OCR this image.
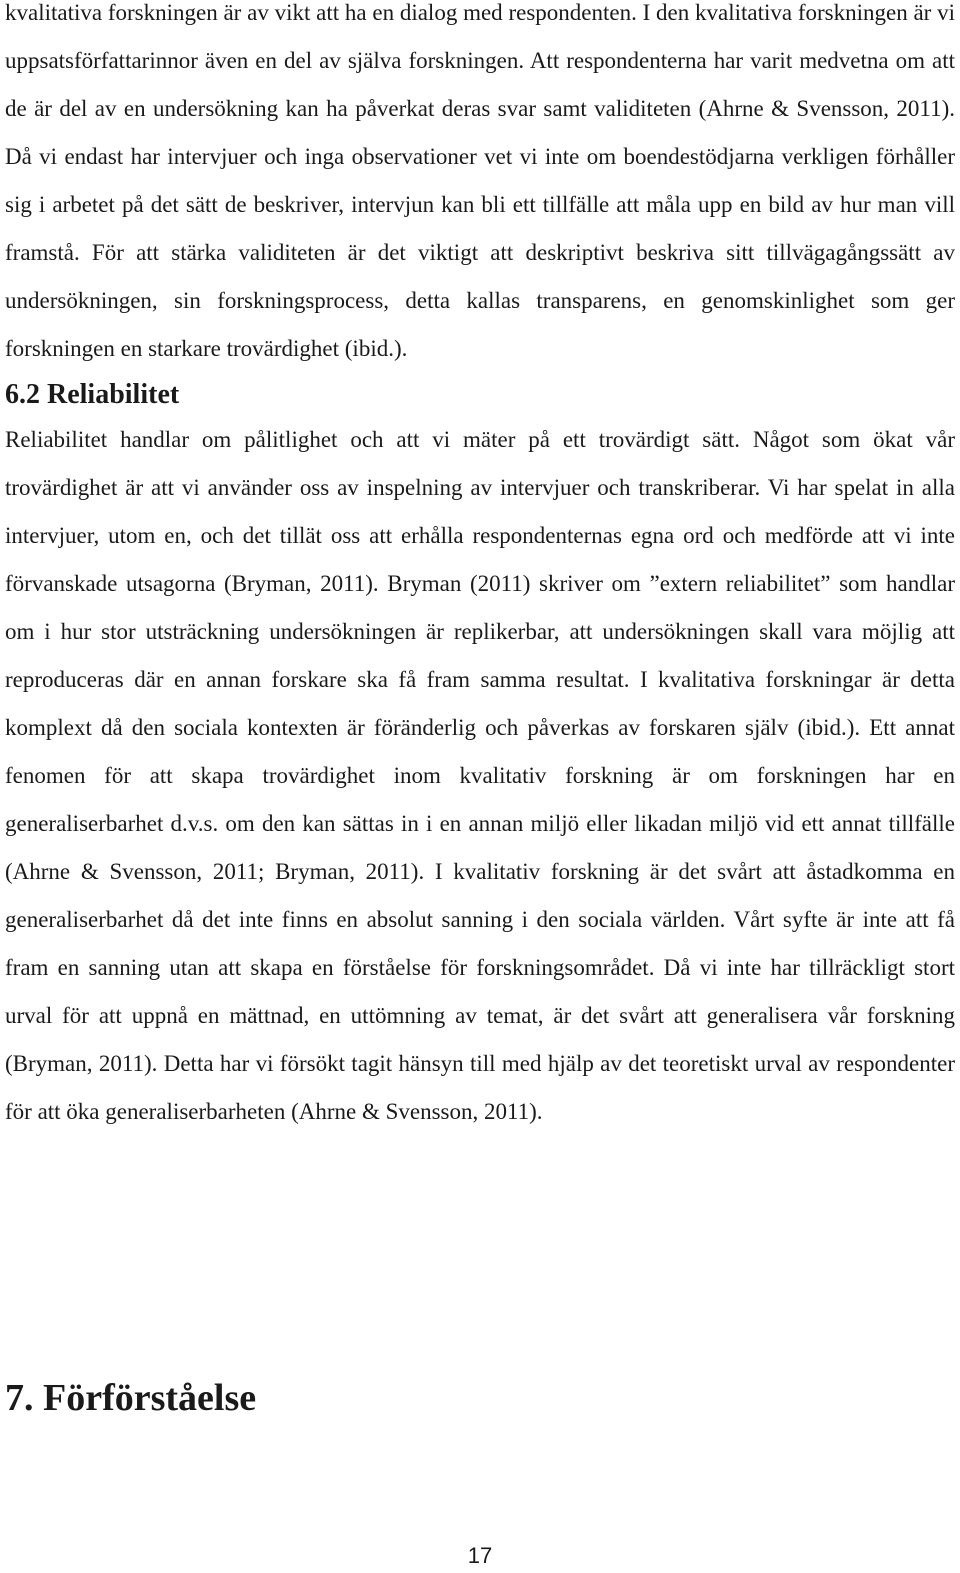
kvalitativa forskningen är av vikt att ha en dialog med respondenten. I den kvalitativa forskningen är vi uppsatsförfattarinnor även en del av själva forskningen. Att respondenterna har varit medvetna om att de är del av en undersökning kan ha påverkat deras svar samt validiteten (Ahrne & Svensson, 2011). Då vi endast har intervjuer och inga observationer vet vi inte om boendestödjarna verkligen förhåller sig i arbetet på det sätt de beskriver, intervjun kan bli ett tillfälle att måla upp en bild av hur man vill framstå. För att stärka validiteten är det viktigt att deskriptivt beskriva sitt tillvägagångssätt av undersökningen, sin forskningsprocess, detta kallas transparens, en genomskinlighet som ger forskningen en starkare trovärdighet (ibid.).

6.2 Reliabilitet

Reliabilitet handlar om pålitlighet och att vi mäter på ett trovärdigt sätt. Något som ökat vår trovärdighet är att vi använder oss av inspelning av intervjuer och transkriberar. Vi har spelat in alla intervjuer, utom en, och det tillät oss att erhålla respondenternas egna ord och medförde att vi inte förvanskade utsagorna (Bryman, 2011). Bryman (2011) skriver om ”extern reliabilitet” som handlar om i hur stor utsträckning undersökningen är replikerbar, att undersökningen skall vara möjlig att reproduceras där en annan forskare ska få fram samma resultat. I kvalitativa forskningar är detta komplext då den sociala kontexten är föränderlig och påverkas av forskaren själv (ibid.). Ett annat fenomen för att skapa trovärdighet inom kvalitativ forskning är om forskningen har en generaliserbarhet d.v.s. om den kan sättas in i en annan miljö eller likadan miljö vid ett annat tillfälle (Ahrne & Svensson, 2011; Bryman, 2011). I kvalitativ forskning är det svårt att åstadkomma en generaliserbarhet då det inte finns en absolut sanning i den sociala världen. Vårt syfte är inte att få fram en sanning utan att skapa en förståelse för forskningsområdet. Då vi inte har tillräckligt stort urval för att uppnå en mättnad, en uttömning av temat, är det svårt att generalisera vår forskning (Bryman, 2011). Detta har vi försökt tagit hänsyn till med hjälp av det teoretiskt urval av respondenter för att öka generaliserbarheten (Ahrne & Svensson, 2011).

7. Förförståelse
17
